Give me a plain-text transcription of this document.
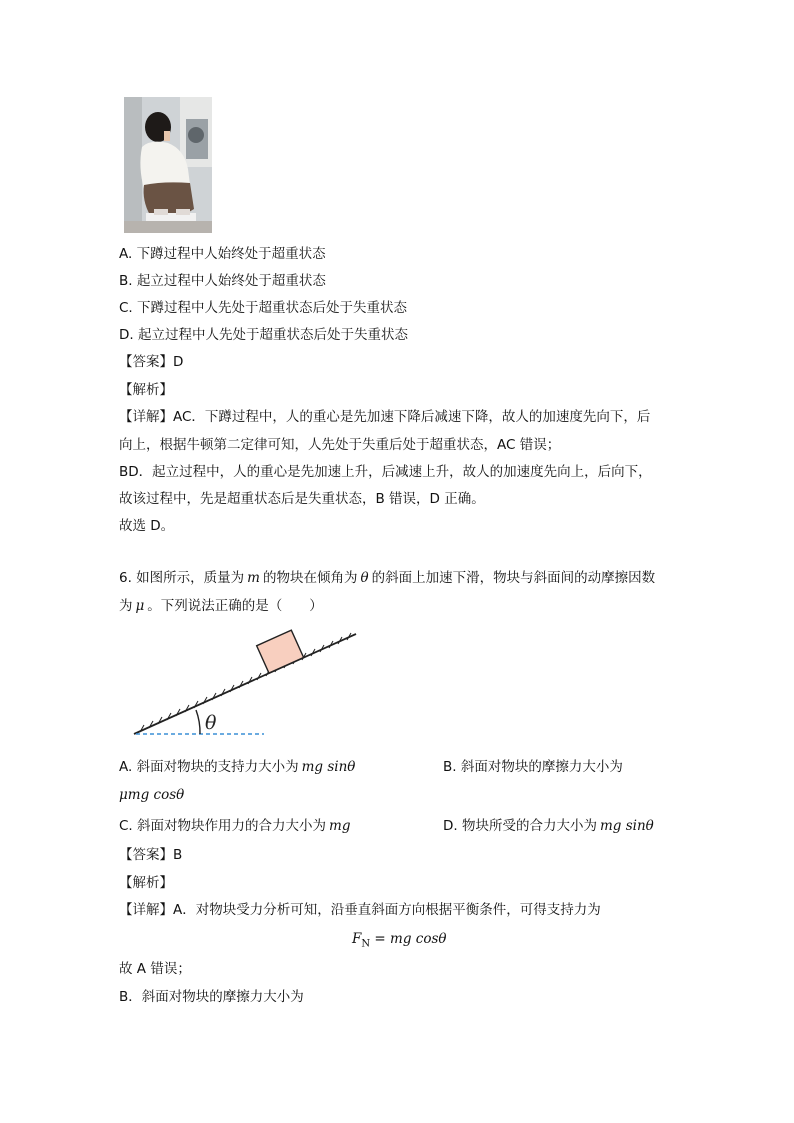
A. 下蹲过程中人始终处于超重状态
B. 起立过程中人始终处于超重状态
C. 下蹲过程中人先处于超重状态后处于失重状态
D. 起立过程中人先处于超重状态后处于失重状态
【答案】D
【解析】
【详解】AC．下蹲过程中，人的重心是先加速下降后减速下降，故人的加速度先向下，后
向上，根据牛顿第二定律可知，人先处于失重后处于超重状态，AC 错误；
BD．起立过程中，人的重心是先加速上升，后减速上升，故人的加速度先向上，后向下，
故该过程中，先是超重状态后是失重状态，B 错误，D 正确。
故选 D。
6. 如图所示，质量为 m 的物块在倾角为 θ 的斜面上加速下滑，物块与斜面间的动摩擦因数
为 μ 。下列说法正确的是（　　）
θ
A. 斜面对物块的支持力大小为 mg sinθ	B. 斜面对物块的摩擦力大小为
μmg cosθ
C. 斜面对物块作用力的合力大小为 mg	D. 物块所受的合力大小为 mg sinθ
【答案】B
【解析】
【详解】A．对物块受力分析可知，沿垂直斜面方向根据平衡条件，可得支持力为
$F_N$ = mg cosθ
故 A 错误；
B．斜面对物块的摩擦力大小为
